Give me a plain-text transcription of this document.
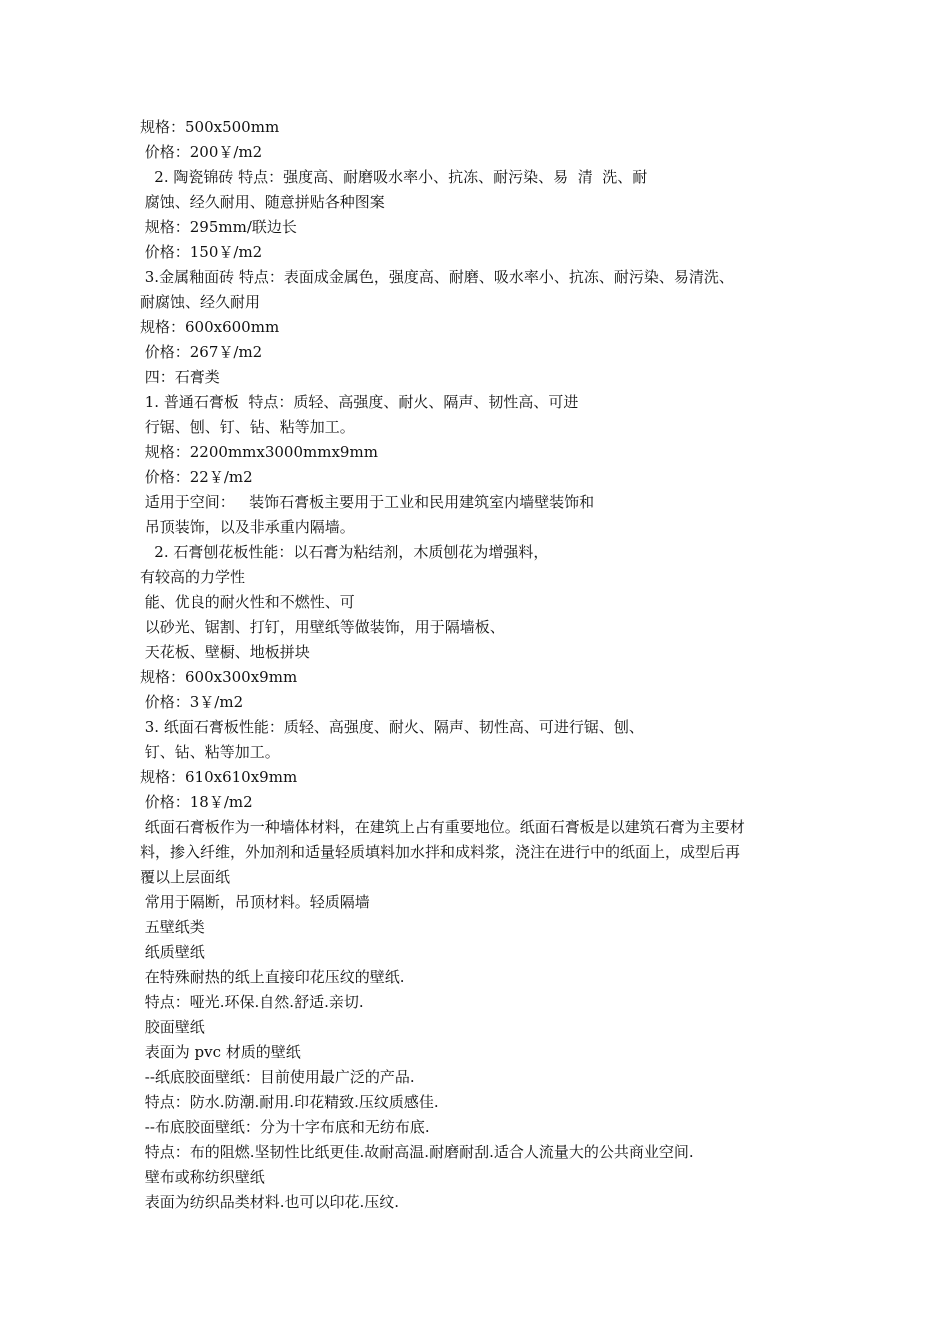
规格：500x500mm
价格：200￥/m2
2. 陶瓷锦砖 特点：强度高、耐磨吸水率小、抗冻、耐污染、易  清  洗、耐
腐蚀、经久耐用、随意拼贴各种图案
规格：295mm/联边长
价格：150￥/m2
3.金属釉面砖 特点：表面成金属色，强度高、耐磨、吸水率小、抗冻、耐污染、易清洗、
耐腐蚀、经久耐用
规格：600x600mm
价格：267￥/m2
四：石膏类
1. 普通石膏板  特点：质轻、高强度、耐火、隔声、韧性高、可进
行锯、刨、钉、钻、粘等加工。
规格：2200mmx3000mmx9mm
价格：22￥/m2
适用于空间：   装饰石膏板主要用于工业和民用建筑室内墙壁装饰和
吊顶装饰，以及非承重内隔墙。
2. 石膏刨花板性能：以石膏为粘结剂，木质刨花为增强料，
有较高的力学性
能、优良的耐火性和不燃性、可
以砂光、锯割、打钉，用壁纸等做装饰，用于隔墙板、
天花板、壁橱、地板拼块
规格：600x300x9mm
价格：3￥/m2
3. 纸面石膏板性能：质轻、高强度、耐火、隔声、韧性高、可进行锯、刨、
钉、钻、粘等加工。
规格：610x610x9mm
价格：18￥/m2
纸面石膏板作为一种墙体材料，在建筑上占有重要地位。纸面石膏板是以建筑石膏为主要材
料，掺入纤维，外加剂和适量轻质填料加水拌和成料浆，浇注在进行中的纸面上，成型后再
覆以上层面纸
常用于隔断，吊顶材料。轻质隔墙
五壁纸类
纸质壁纸
在特殊耐热的纸上直接印花压纹的壁纸.
特点：哑光.环保.自然.舒适.亲切.
胶面壁纸
表面为 pvc 材质的壁纸
--纸底胶面壁纸：目前使用最广泛的产品.
特点：防水.防潮.耐用.印花精致.压纹质感佳.
--布底胶面壁纸：分为十字布底和无纺布底.
特点：布的阻燃.坚韧性比纸更佳.故耐高温.耐磨耐刮.适合人流量大的公共商业空间.
壁布或称纺织壁纸
表面为纺织品类材料.也可以印花.压纹.
